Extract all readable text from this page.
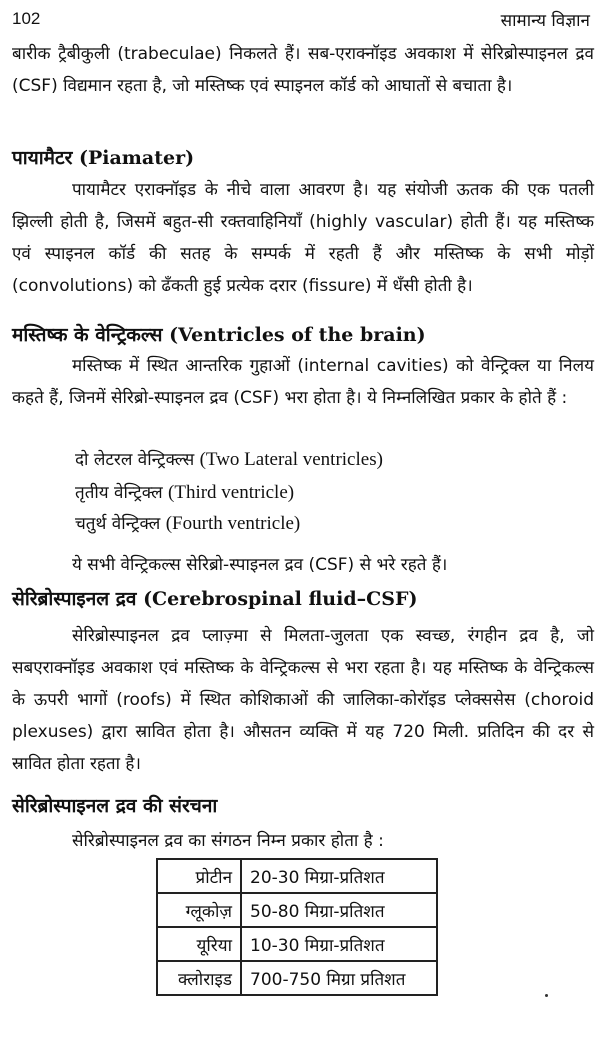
102	सामान्य विज्ञान

बारीक ट्रैबीकुली (trabeculae) निकलते हैं। सब-एराक्नॉइड अवकाश में सेरिब्रोस्पाइनल द्रव (CSF) विद्यमान रहता है, जो मस्तिष्क एवं स्पाइनल कॉर्ड को आघातों से बचाता है।

पायामैटर (Piamater)

पायामैटर एराक्नॉइड के नीचे वाला आवरण है। यह संयोजी ऊतक की एक पतली झिल्ली होती है, जिसमें बहुत-सी रक्तवाहिनियाँ (highly vascular) होती हैं। यह मस्तिष्क एवं स्पाइनल कॉर्ड की सतह के सम्पर्क में रहती हैं और मस्तिष्क के सभी मोड़ों (convolutions) को ढँकती हुई प्रत्येक दरार (fissure) में धँसी होती है।

मस्तिष्क के वेन्ट्रिकल्स (Ventricles of the brain)

मस्तिष्क में स्थित आन्तरिक गुहाओं (internal cavities) को वेन्ट्रिक्ल या निलय कहते हैं, जिनमें सेरिब्रो-स्पाइनल द्रव (CSF) भरा होता है। ये निम्नलिखित प्रकार के होते हैं :

दो लेटरल वेन्ट्रिक्ल्स (Two Lateral ventricles)

तृतीय वेन्ट्रिक्ल (Third ventricle)

चतुर्थ वेन्ट्रिक्ल (Fourth ventricle)

ये सभी वेन्ट्रिकल्स सेरिब्रो-स्पाइनल द्रव (CSF) से भरे रहते हैं।

सेरिब्रोस्पाइनल द्रव (Cerebrospinal fluid–CSF)

सेरिब्रोस्पाइनल द्रव प्लाज़्मा से मिलता-जुलता एक स्वच्छ, रंगहीन द्रव है, जो सबएराक्नॉइड अवकाश एवं मस्तिष्क के वेन्ट्रिकल्स से भरा रहता है। यह मस्तिष्क के वेन्ट्रिकल्स के ऊपरी भागों (roofs) में स्थित कोशिकाओं की जालिका-कोरॉइड प्लेक्ससेस (choroid plexuses) द्वारा स्रावित होता है। औसतन व्यक्ति में यह 720 मिली. प्रतिदिन की दर से स्रावित होता रहता है।

सेरिब्रोस्पाइनल द्रव की संरचना

सेरिब्रोस्पाइनल द्रव का संगठन निम्न प्रकार होता है :

प्रोटीन	20-30 मिग्रा-प्रतिशत
ग्लूकोज़	50-80 मिग्रा-प्रतिशत
यूरिया	10-30 मिग्रा-प्रतिशत
क्लोराइड	700-750 मिग्रा प्रतिशत
